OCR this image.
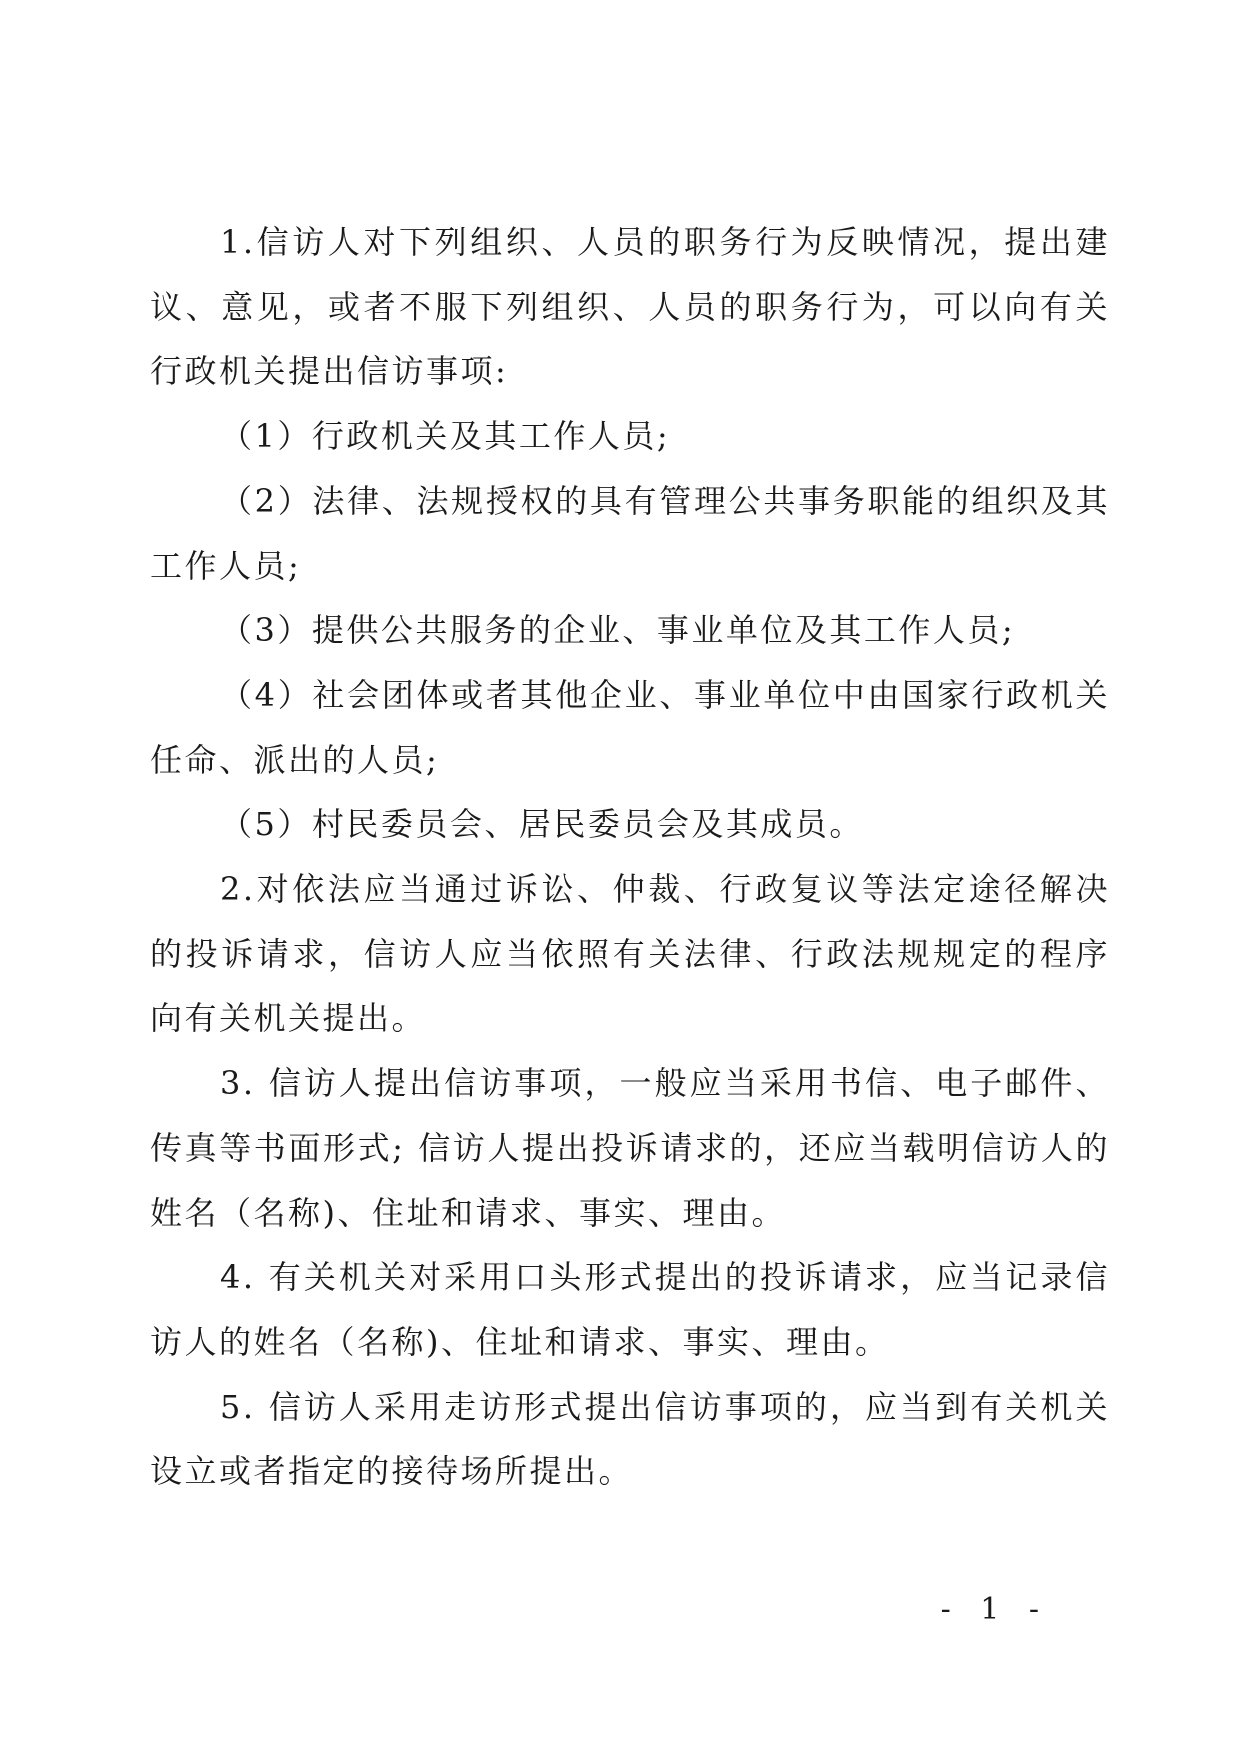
1.信访人对下列组织、人员的职务行为反映情况，提出建议、意见，或者不服下列组织、人员的职务行为，可以向有关行政机关提出信访事项:

（1）行政机关及其工作人员;

（2）法律、法规授权的具有管理公共事务职能的组织及其工作人员;

（3）提供公共服务的企业、事业单位及其工作人员;

（4）社会团体或者其他企业、事业单位中由国家行政机关任命、派出的人员;

（5）村民委员会、居民委员会及其成员。

2.对依法应当通过诉讼、仲裁、行政复议等法定途径解决的投诉请求，信访人应当依照有关法律、行政法规规定的程序向有关机关提出。

3. 信访人提出信访事项，一般应当采用书信、电子邮件、传真等书面形式; 信访人提出投诉请求的，还应当载明信访人的姓名（名称)、住址和请求、事实、理由。

4. 有关机关对采用口头形式提出的投诉请求，应当记录信访人的姓名（名称)、住址和请求、事实、理由。

5. 信访人采用走访形式提出信访事项的，应当到有关机关设立或者指定的接待场所提出。

- 1 -
